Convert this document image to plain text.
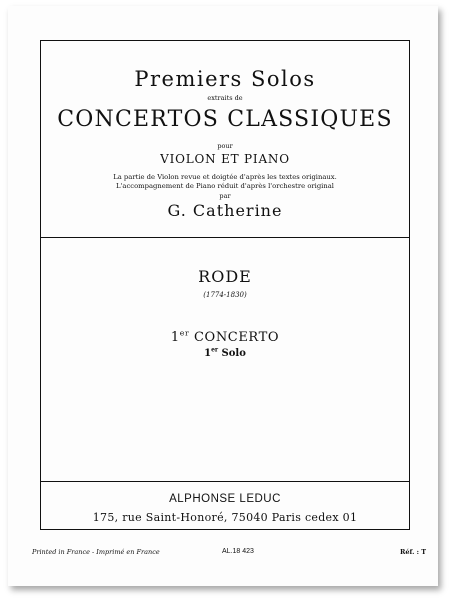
Premiers Solos
extraits de
CONCERTOS CLASSIQUES
pour
VIOLON ET PIANO
La partie de Violon revue et doigtée d'après les textes originaux.
L'accompagnement de Piano réduit d'après l'orchestre original
par
G. Catherine
RODE
(1774-1830)
1er CONCERTO
1er Solo
ALPHONSE LEDUC
175, rue Saint-Honoré, 75040 Paris cedex 01
Printed in France - Imprimé en France	AL.18 423	Réf. : T
